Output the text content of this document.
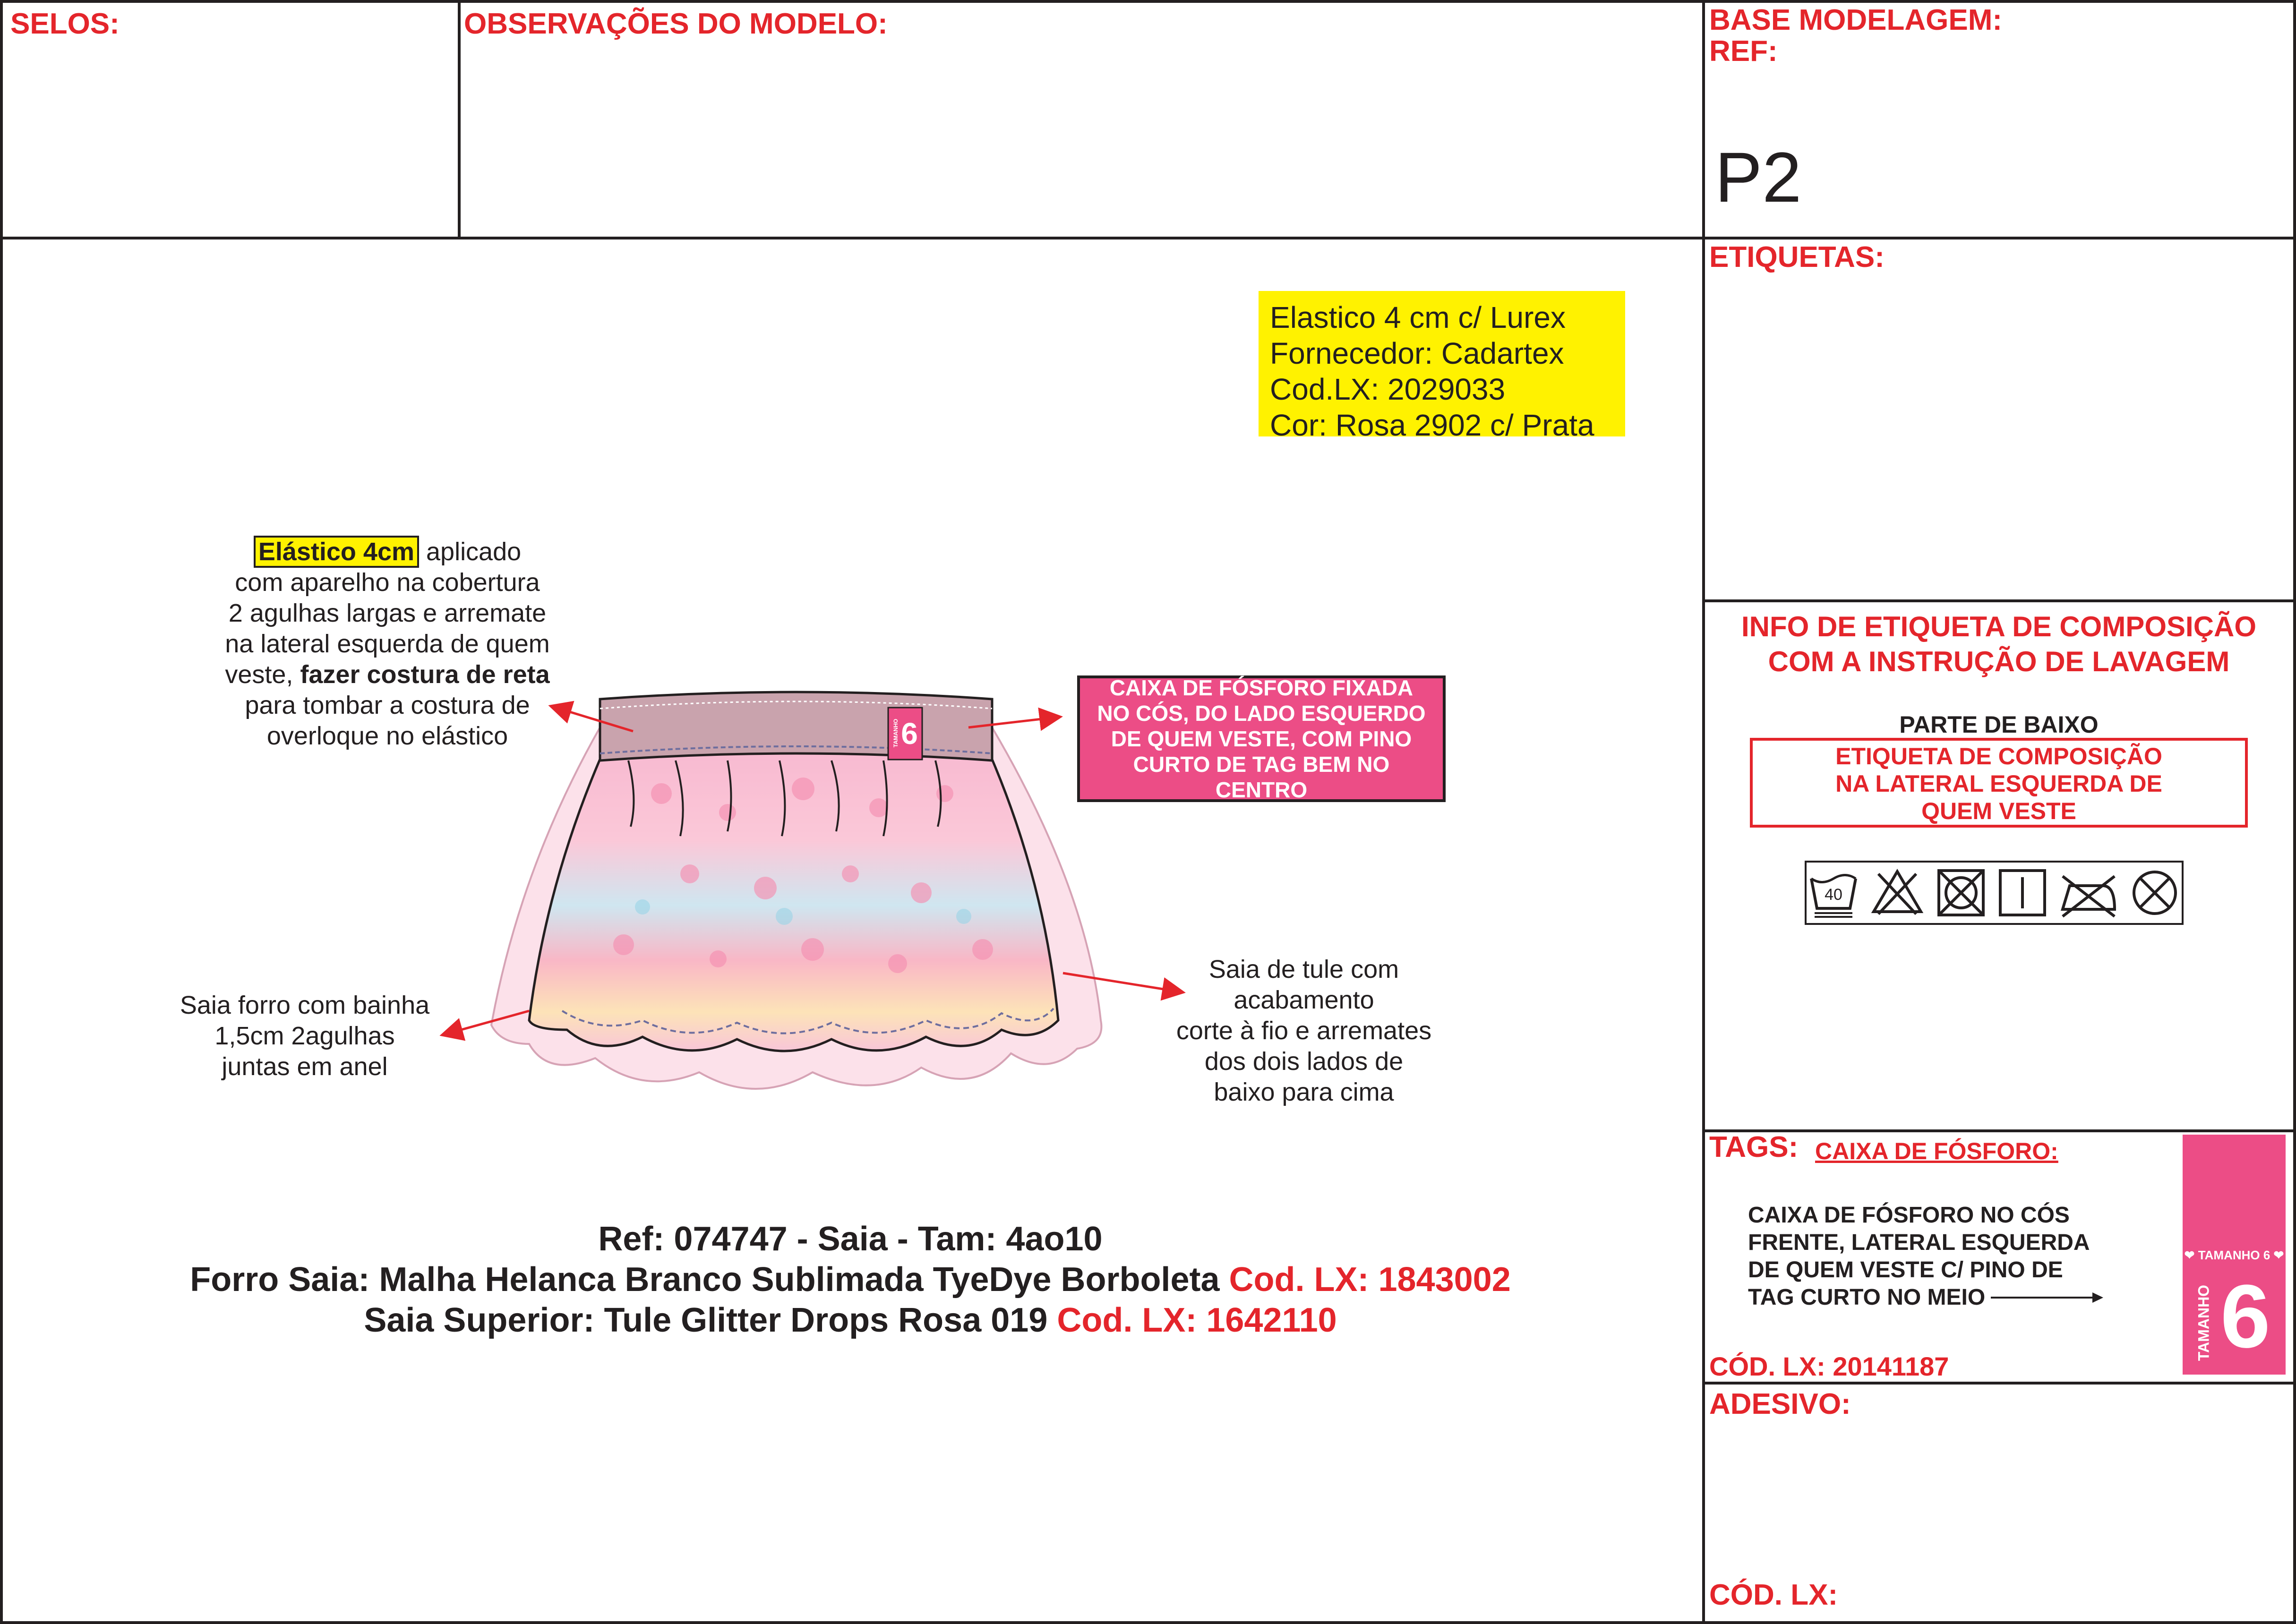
SELOS:	OBSERVAÇÕES DO MODELO:	BASE MODELAGEM:
REF:
P2
ETIQUETAS:
INFO DE ETIQUETA DE COMPOSIÇÃO
COM A INSTRUÇÃO DE LAVAGEM
PARTE DE BAIXO
ETIQUETA DE COMPOSIÇÃO
NA LATERAL ESQUERDA DE
QUEM VESTE
40
TAGS: CAIXA DE FÓSFORO:
CAIXA DE FÓSFORO NO CÓS
FRENTE, LATERAL ESQUERDA
DE QUEM VESTE C/ PINO DE
TAG CURTO NO MEIO
CÓD. LX: 20141187
❤ TAMANHO 6 ❤
TAMANHO 6
ADESIVO:
CÓD. LX:
Elastico 4 cm c/ Lurex
Fornecedor: Cadartex
Cod.LX: 2029033
Cor: Rosa 2902 c/ Prata
Elástico 4cm aplicado
com aparelho na cobertura
2 agulhas largas e arremate
na lateral esquerda de quem
veste, fazer costura de reta
para tombar a costura de
overloque no elástico
CAIXA DE FÓSFORO FIXADA
NO CÓS, DO LADO ESQUERDO
DE QUEM VESTE, COM PINO
CURTO DE TAG BEM NO CENTRO
Saia forro com bainha
1,5cm 2agulhas
juntas em anel
Saia de tule com
acabamento
corte à fio e arremates
dos dois lados de
baixo para cima
6
TAMANHO
Ref: 074747 - Saia - Tam: 4ao10
Forro Saia: Malha Helanca Branco Sublimada TyeDye Borboleta Cod. LX: 1843002
Saia Superior: Tule Glitter Drops Rosa 019 Cod. LX: 1642110
